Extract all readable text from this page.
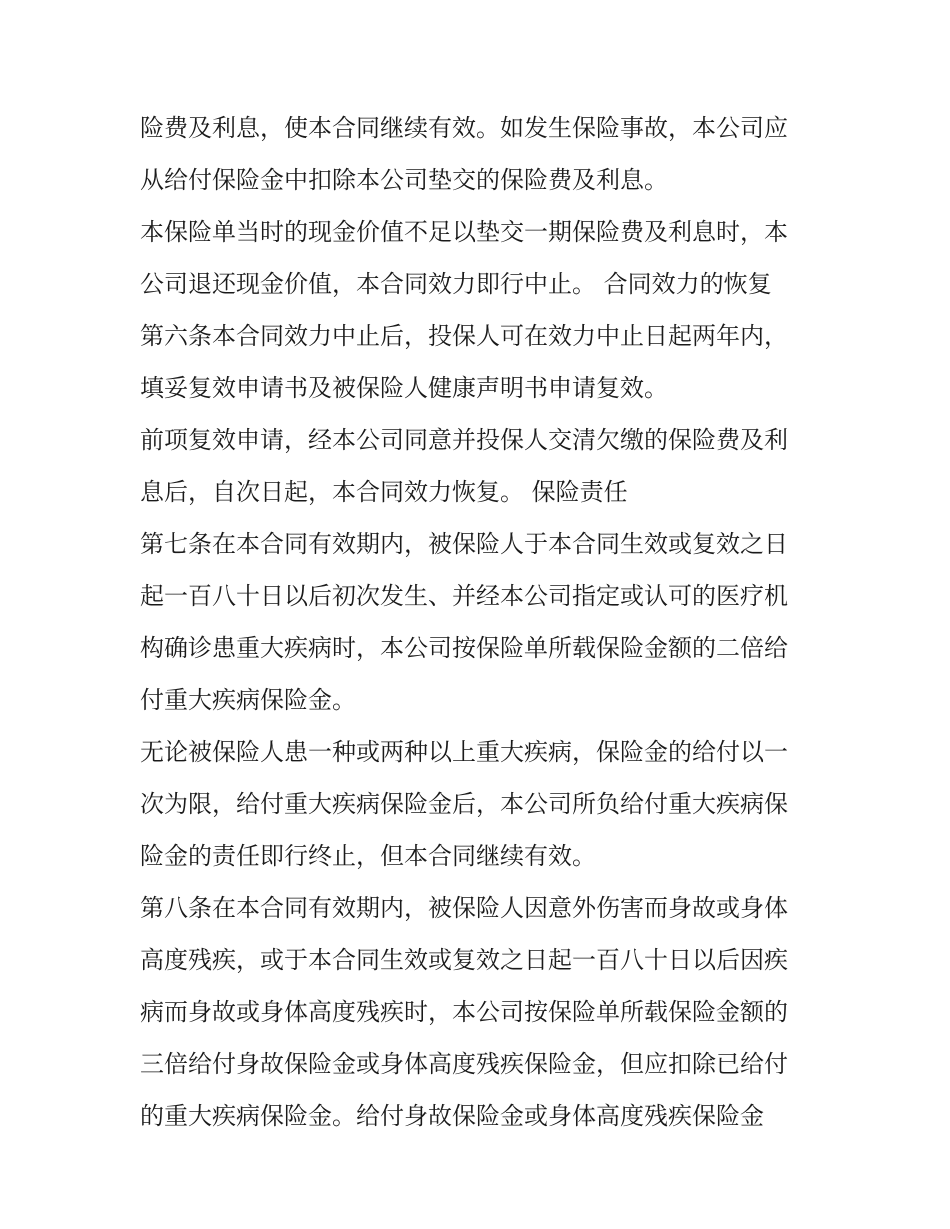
险费及利息，使本合同继续有效。如发生保险事故，本公司应
从给付保险金中扣除本公司垫交的保险费及利息。
本保险单当时的现金价值不足以垫交一期保险费及利息时，本
公司退还现金价值，本合同效力即行中止。 合同效力的恢复
第六条本合同效力中止后，投保人可在效力中止日起两年内，
填妥复效申请书及被保险人健康声明书申请复效。
前项复效申请，经本公司同意并投保人交清欠缴的保险费及利
息后，自次日起，本合同效力恢复。 保险责任
第七条在本合同有效期内，被保险人于本合同生效或复效之日
起一百八十日以后初次发生、并经本公司指定或认可的医疗机
构确诊患重大疾病时，本公司按保险单所载保险金额的二倍给
付重大疾病保险金。
无论被保险人患一种或两种以上重大疾病，保险金的给付以一
次为限，给付重大疾病保险金后，本公司所负给付重大疾病保
险金的责任即行终止，但本合同继续有效。
第八条在本合同有效期内，被保险人因意外伤害而身故或身体
高度残疾，或于本合同生效或复效之日起一百八十日以后因疾
病而身故或身体高度残疾时，本公司按保险单所载保险金额的
三倍给付身故保险金或身体高度残疾保险金，但应扣除已给付
的重大疾病保险金。给付身故保险金或身体高度残疾保险金
